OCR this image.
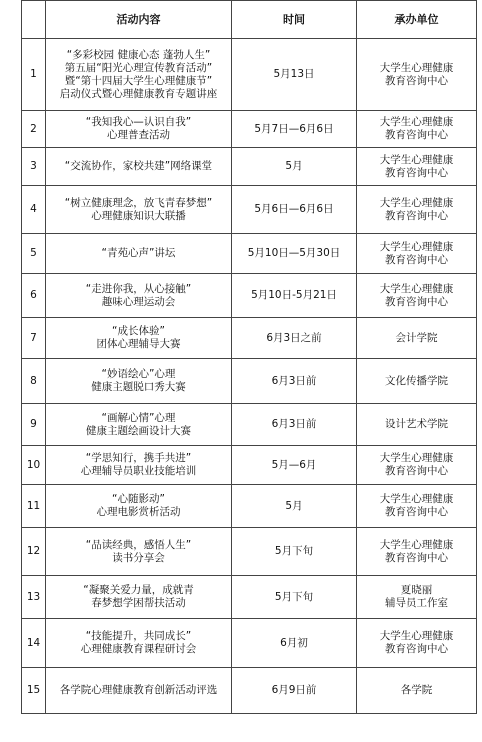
	活动内容	时间	承办单位
1	“多彩校园 健康心态 蓬勃人生”
第五届“阳光心理宣传教育活动”
暨“第十四届大学生心理健康节”
启动仪式暨心理健康教育专题讲座	5月13日	大学生心理健康
教育咨询中心

2	“我知我心—认识自我”
心理普查活动	5月7日—6月6日	大学生心理健康
教育咨询中心

3	“交流协作，家校共建”网络课堂	5月	大学生心理健康
教育咨询中心

4	“树立健康理念，放飞青春梦想”
心理健康知识大联播	5月6日—6月6日	大学生心理健康
教育咨询中心

5	“青苑心声”讲坛	5月10日—5月30日	大学生心理健康
教育咨询中心

6	“走进你我，从心接触”
趣味心理运动会	5月10日-5月21日	大学生心理健康
教育咨询中心

7	“成长体验”
团体心理辅导大赛	6月3日之前	会计学院

8	“妙语绘心”心理
健康主题脱口秀大赛	6月3日前	文化传播学院

9	“画解心情”心理
健康主题绘画设计大赛	6月3日前	设计艺术学院

10	“学思知行，携手共进”
心理辅导员职业技能培训	5月—6月	大学生心理健康
教育咨询中心

11	“心随影动”
心理电影赏析活动	5月	大学生心理健康
教育咨询中心

12	“品读经典，感悟人生”
读书分享会	5月下旬	大学生心理健康
教育咨询中心

13	“凝聚关爱力量，成就青
春梦想学困帮扶活动	5月下旬	夏晓丽
辅导员工作室

14	“技能提升，共同成长”
心理健康教育课程研讨会	6月初	大学生心理健康
教育咨询中心

15	各学院心理健康教育创新活动评选	6月9日前	各学院
